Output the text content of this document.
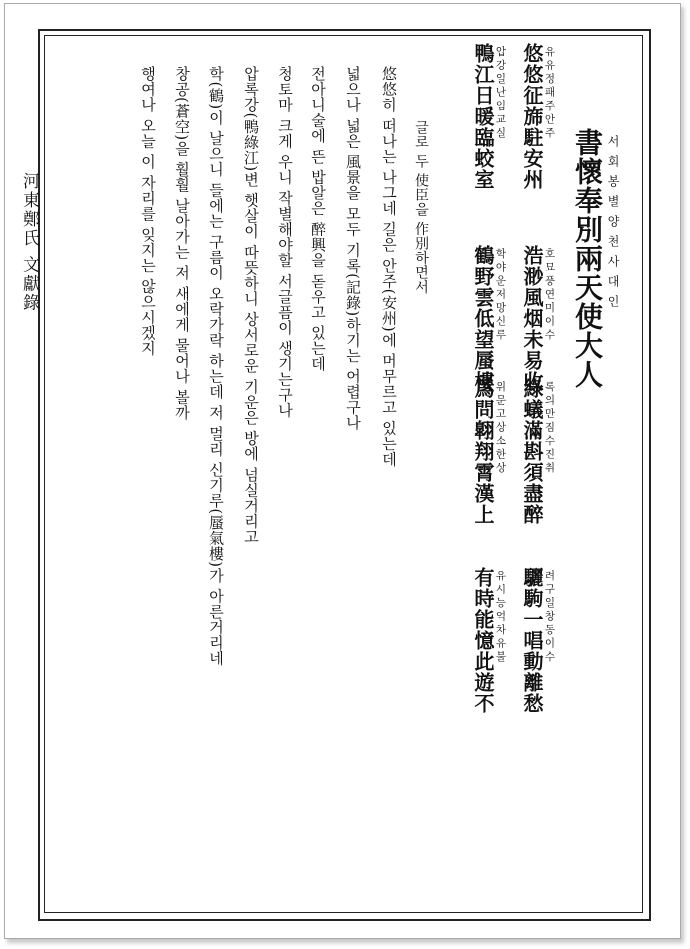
서회봉별양천사대인
書懷奉別兩天使大人
유유정패주안주
悠悠征旆駐安州
호묘풍연미이수
浩渺風烟未易收
압강일난임교실
鴨江日暖臨蛟室
학야운저망신루
鶴野雲低望蜃樓
록의만짐수진취
綠蟻滿斟須盡醉
려구일창동이수
驪駒一唱動離愁
위문고상소한상
爲問翺翔霄漢上
유시능억차유불
有時能憶此遊不
글로 두 使臣을 作別하면서
悠悠히 떠나는 나그네 길은 안주(安州)에 머무르고 있는데
넓으나 넓은 風景을 모두 기록(記錄)하기는 어렵구나
전아니술에 뜬 밥알은 醉興을 돋우고 있는데
청토마 크게 우니 작별해야할 서글픔이 생기는구나
압록강(鴨綠江)변 햇살이 따뜻하니 상서로운 기운은 방에 넘실거리고
학(鶴)이 날으니 들에는 구름이 오락가락 하는데 저 멀리 신기루(蜃氣樓)가 아른거리네
창공(蒼空)을 훨훨 날아가는 저 새에게 물어나 볼까
행여나 오늘 이 자리를 잊지는 않으시겠지
河東鄭氏 文獻錄
